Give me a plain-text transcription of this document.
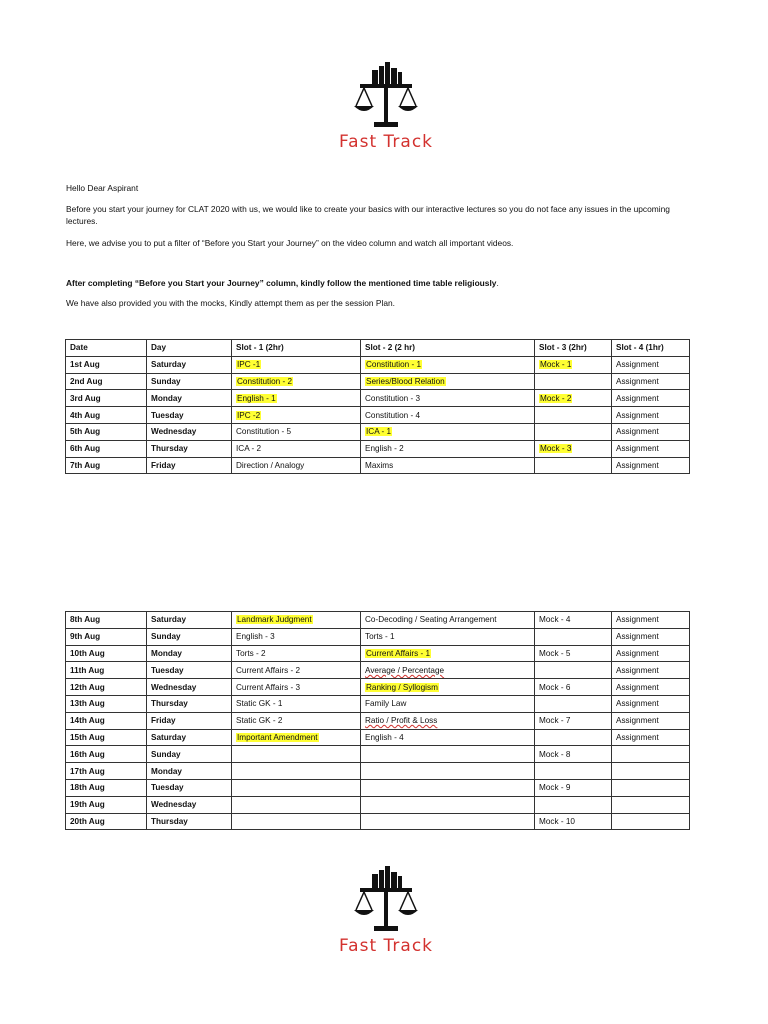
Fast Track
Hello Dear Aspirant
Before you start your journey for CLAT 2020 with us, we would like to create your basics with our interactive lectures so you do not face any issues in the upcoming lectures.
Here, we advise you to put a filter of “Before you Start your Journey” on the video column and watch all important videos.
After completing “Before you Start your Journey” column, kindly follow the mentioned time table religiously.
We have also provided you with the mocks, Kindly attempt them as per the session Plan.
Date	Day	Slot - 1 (2hr)	Slot - 2 (2 hr)	Slot - 3 (2hr)	Slot - 4 (1hr)
1st Aug	Saturday	IPC -1	Constitution - 1	Mock - 1	Assignment
2nd Aug	Sunday	Constitution - 2	Series/Blood Relation		Assignment
3rd Aug	Monday	English - 1	Constitution - 3	Mock - 2	Assignment
4th Aug	Tuesday	IPC -2	Constitution - 4		Assignment
5th Aug	Wednesday	Constitution - 5	ICA - 1		Assignment
6th Aug	Thursday	ICA - 2	English - 2	Mock - 3	Assignment
7th Aug	Friday	Direction / Analogy	Maxims		Assignment
8th Aug	Saturday	Landmark Judgment	Co-Decoding / Seating Arrangement	Mock - 4	Assignment
9th Aug	Sunday	English - 3	Torts - 1		Assignment
10th Aug	Monday	Torts - 2	Current Affairs - 1	Mock - 5	Assignment
11th Aug	Tuesday	Current Affairs - 2	Average / Percentage		Assignment
12th Aug	Wednesday	Current Affairs - 3	Ranking / Syllogism	Mock - 6	Assignment
13th Aug	Thursday	Static GK - 1	Family Law		Assignment
14th Aug	Friday	Static GK - 2	Ratio / Profit & Loss	Mock - 7	Assignment
15th Aug	Saturday	Important Amendment	English - 4		Assignment
16th Aug	Sunday			Mock - 8	
17th Aug	Monday				
18th Aug	Tuesday			Mock - 9	
19th Aug	Wednesday				
20th Aug	Thursday			Mock - 10	
Fast Track
